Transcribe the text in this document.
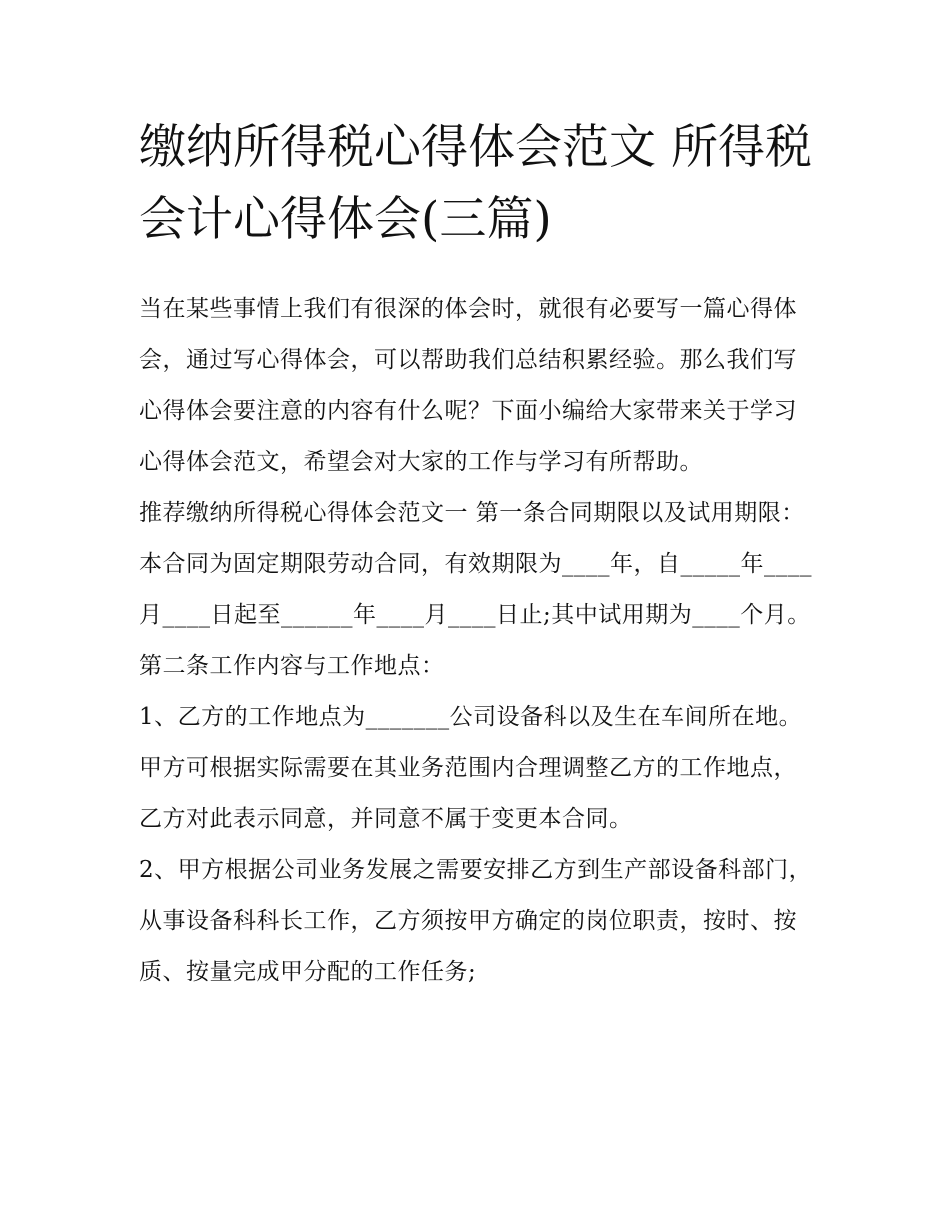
缴纳所得税心得体会范文 所得税会计心得体会(三篇)

当在某些事情上我们有很深的体会时，就很有必要写一篇心得体会，通过写心得体会，可以帮助我们总结积累经验。那么我们写心得体会要注意的内容有什么呢？下面小编给大家带来关于学习心得体会范文，希望会对大家的工作与学习有所帮助。

推荐缴纳所得税心得体会范文一 第一条合同期限以及试用期限：

本合同为固定期限劳动合同，有效期限为____年，自_____年____月____日起至______年____月____日止;其中试用期为____个月。

第二条工作内容与工作地点：

1、乙方的工作地点为_______公司设备科以及生在车间所在地。甲方可根据实际需要在其业务范围内合理调整乙方的工作地点，乙方对此表示同意，并同意不属于变更本合同。

2、甲方根据公司业务发展之需要安排乙方到生产部设备科部门，从事设备科科长工作，乙方须按甲方确定的岗位职责，按时、按质、按量完成甲分配的工作任务;
